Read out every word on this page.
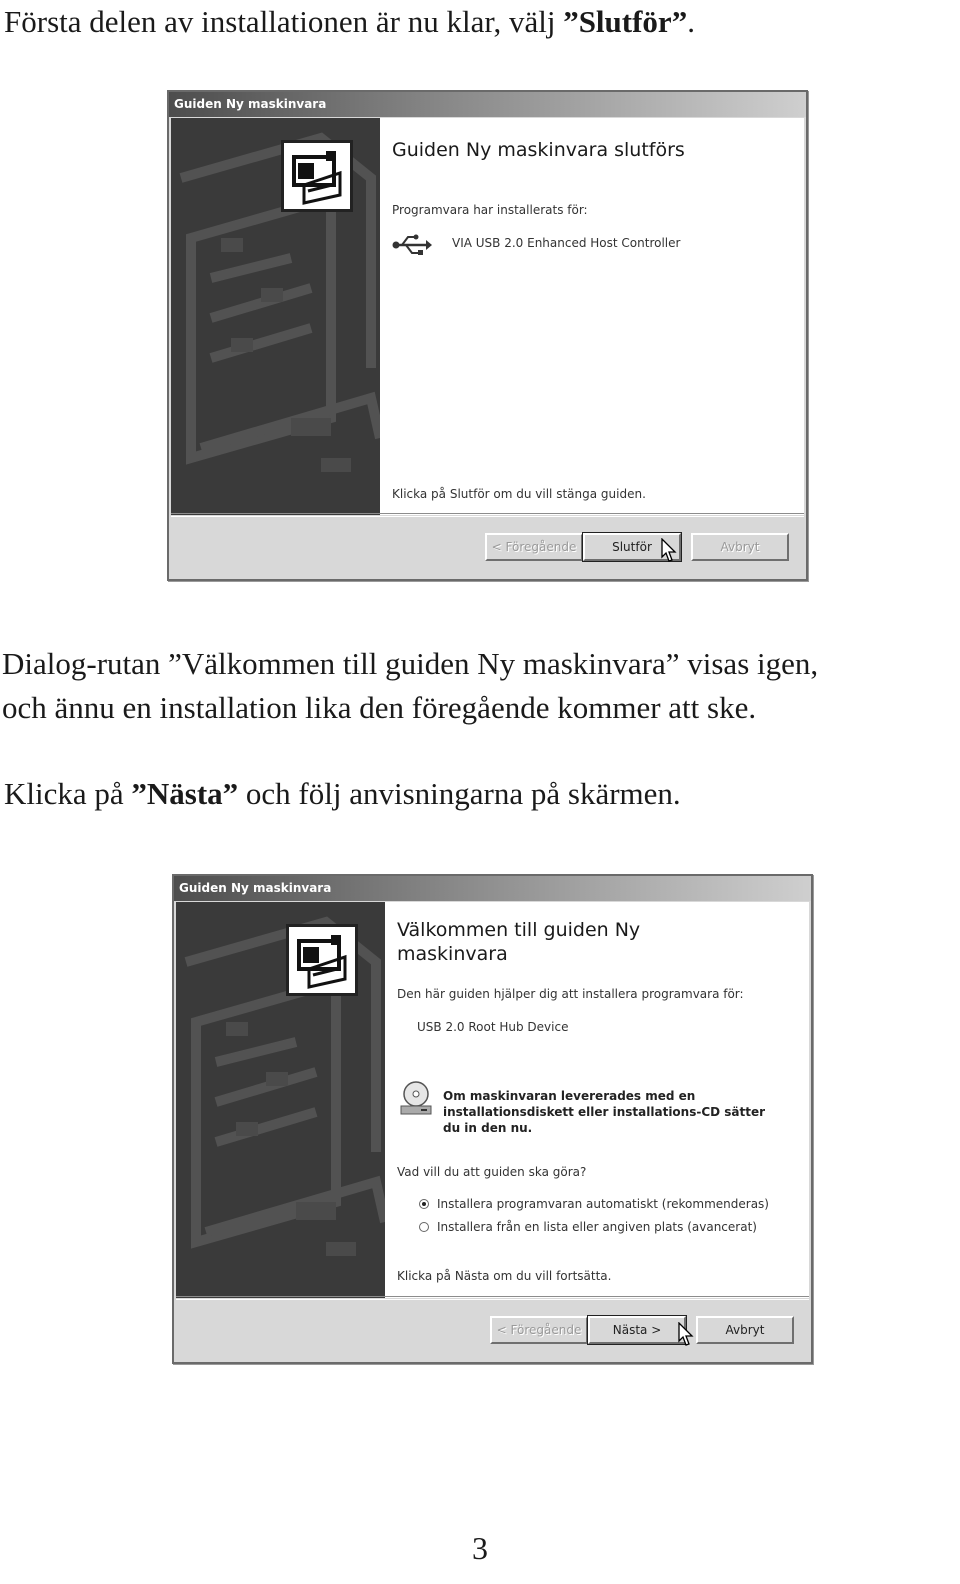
Första delen av installationen är nu klar, välj ”Slutför”.

Guiden Ny maskinvara
Guiden Ny maskinvara slutförs
Programvara har installerats för:
VIA USB 2.0 Enhanced Host Controller
Klicka på Slutför om du vill stänga guiden.
< Föregående	Slutför	Avbryt
Dialog-rutan ”Välkommen till guiden Ny maskinvara” visas igen,
och ännu en installation lika den föregående kommer att ske.

Klicka på ”Nästa” och följ anvisningarna på skärmen.

Guiden Ny maskinvara
Välkommen till guiden Ny
maskinvara
Den här guiden hjälper dig att installera programvara för:
USB 2.0 Root Hub Device
Om maskinvaran levererades med en
installationsdiskett eller installations-CD sätter
du in den nu.
Vad vill du att guiden ska göra?
Installera programvaran automatiskt (rekommenderas)
Installera från en lista eller angiven plats (avancerat)
Klicka på Nästa om du vill fortsätta.
< Föregående	Nästa >	Avbryt
3
